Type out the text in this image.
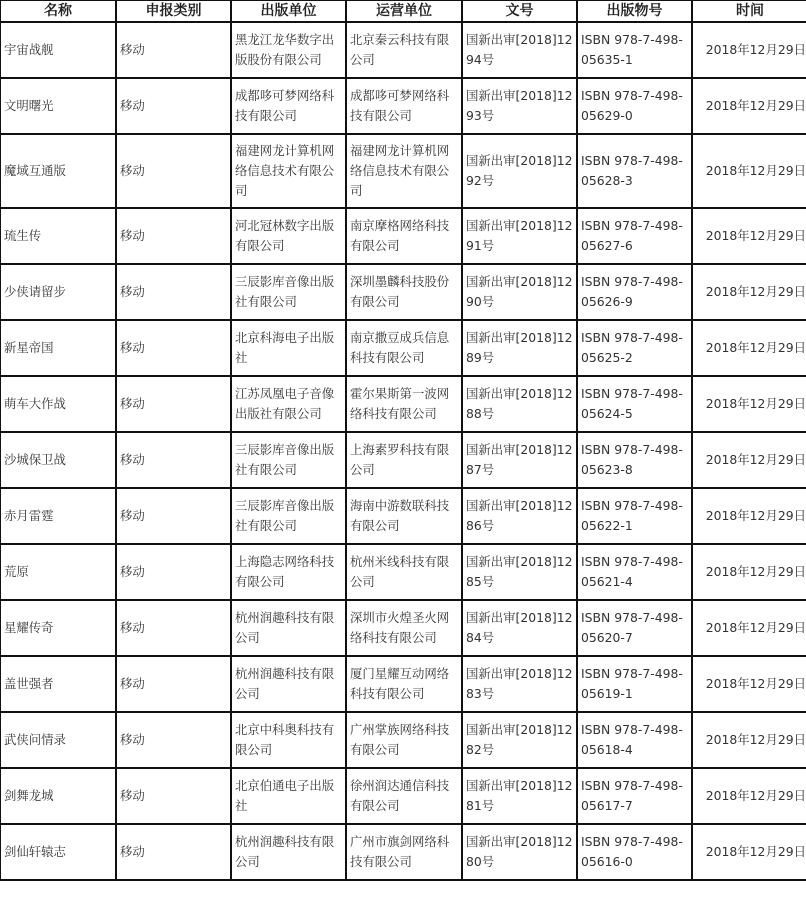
名称	申报类别	出版单位	运营单位	文号	出版物号	时间
宇宙战舰	移动	黑龙江龙华数字出版股份有限公司	北京秦云科技有限公司	国新出审[2018]1294号	ISBN 978-7-498-05635-1	2018年12月29日
文明曙光	移动	成都哆可梦网络科技有限公司	成都哆可梦网络科技有限公司	国新出审[2018]1293号	ISBN 978-7-498-05629-0	2018年12月29日
魔域互通版	移动	福建网龙计算机网络信息技术有限公司	福建网龙计算机网络信息技术有限公司	国新出审[2018]1292号	ISBN 978-7-498-05628-3	2018年12月29日
琉生传	移动	河北冠林数字出版有限公司	南京摩格网络科技有限公司	国新出审[2018]1291号	ISBN 978-7-498-05627-6	2018年12月29日
少侠请留步	移动	三辰影库音像出版社有限公司	深圳墨麟科技股份有限公司	国新出审[2018]1290号	ISBN 978-7-498-05626-9	2018年12月29日
新星帝国	移动	北京科海电子出版社	南京撒豆成兵信息科技有限公司	国新出审[2018]1289号	ISBN 978-7-498-05625-2	2018年12月29日
萌车大作战	移动	江苏凤凰电子音像出版社有限公司	霍尔果斯第一波网络科技有限公司	国新出审[2018]1288号	ISBN 978-7-498-05624-5	2018年12月29日
沙城保卫战	移动	三辰影库音像出版社有限公司	上海素罗科技有限公司	国新出审[2018]1287号	ISBN 978-7-498-05623-8	2018年12月29日
赤月雷霆	移动	三辰影库音像出版社有限公司	海南中游数联科技有限公司	国新出审[2018]1286号	ISBN 978-7-498-05622-1	2018年12月29日
荒原	移动	上海隐志网络科技有限公司	杭州米线科技有限公司	国新出审[2018]1285号	ISBN 978-7-498-05621-4	2018年12月29日
星耀传奇	移动	杭州润趣科技有限公司	深圳市火煌圣火网络科技有限公司	国新出审[2018]1284号	ISBN 978-7-498-05620-7	2018年12月29日
盖世强者	移动	杭州润趣科技有限公司	厦门星耀互动网络科技有限公司	国新出审[2018]1283号	ISBN 978-7-498-05619-1	2018年12月29日
武侠问情录	移动	北京中科奥科技有限公司	广州掌族网络科技有限公司	国新出审[2018]1282号	ISBN 978-7-498-05618-4	2018年12月29日
剑舞龙城	移动	北京伯通电子出版社	徐州润达通信科技有限公司	国新出审[2018]1281号	ISBN 978-7-498-05617-7	2018年12月29日
剑仙轩辕志	移动	杭州润趣科技有限公司	广州市旗剑网络科技有限公司	国新出审[2018]1280号	ISBN 978-7-498-05616-0	2018年12月29日
